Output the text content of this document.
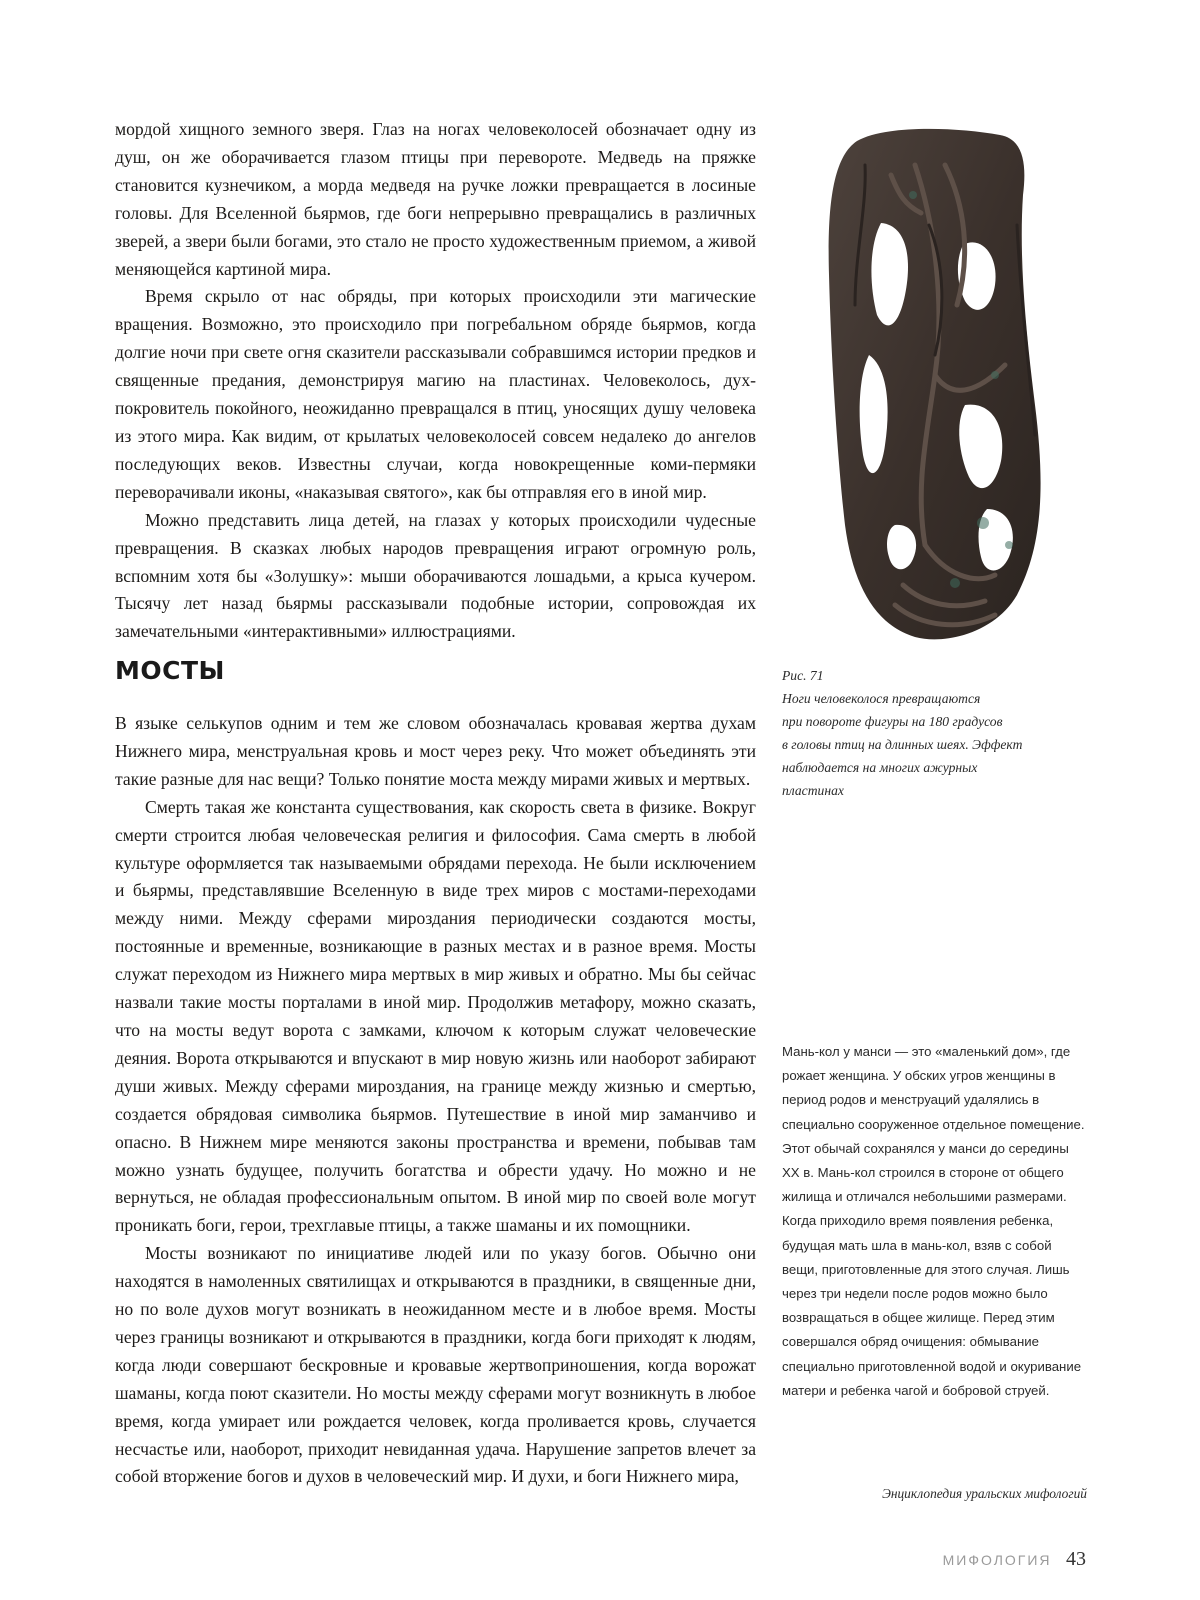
мордой хищного земного зверя. Глаз на ногах человеколосей обозначает одну из душ, он же оборачивается глазом птицы при перевороте. Медведь на пряжке становится кузнечиком, а морда медведя на ручке ложки превращается в лосиные головы. Для Вселенной бьярмов, где боги непрерывно превращались в различных зверей, а звери были богами, это стало не просто художественным приемом, а живой меняющейся картиной мира.

Время скрыло от нас обряды, при которых происходили эти магические вращения. Возможно, это происходило при погребальном обряде бьярмов, когда долгие ночи при свете огня сказители рассказывали собравшимся истории предков и священные предания, демонстрируя магию на пластинах. Человеколось, дух-покровитель покойного, неожиданно превращался в птиц, уносящих душу человека из этого мира. Как видим, от крылатых человеколосей совсем недалеко до ангелов последующих веков. Известны случаи, когда новокрещенные коми-пермяки переворачивали иконы, «наказывая святого», как бы отправляя его в иной мир.

Можно представить лица детей, на глазах у которых происходили чудесные превращения. В сказках любых народов превращения играют огромную роль, вспомним хотя бы «Золушку»: мыши оборачиваются лошадьми, а крыса кучером. Тысячу лет назад бьярмы рассказывали подобные истории, сопровождая их замечательными «интерактивными» иллюстрациями.

Рис. 71
Ноги человеколося превращаются
при повороте фигуры на 180 градусов
в головы птиц на длинных шеях. Эффект
наблюдается на многих ажурных
пластинах
МОСТЫ

В языке селькупов одним и тем же словом обозначалась кровавая жертва духам Нижнего мира, менструальная кровь и мост через реку. Что может объединять эти такие разные для нас вещи? Только понятие моста между мирами живых и мертвых.

Смерть такая же константа существования, как скорость света в физике. Вокруг смерти строится любая человеческая религия и философия. Сама смерть в любой культуре оформляется так называемыми обрядами перехода. Не были исключением и бьярмы, представлявшие Вселенную в виде трех миров с мостами-переходами между ними. Между сферами мироздания периодически создаются мосты, постоянные и временные, возникающие в разных местах и в разное время. Мосты служат переходом из Нижнего мира мертвых в мир живых и обратно. Мы бы сейчас назвали такие мосты порталами в иной мир. Продолжив метафору, можно сказать, что на мосты ведут ворота с замками, ключом к которым служат человеческие деяния. Ворота открываются и впускают в мир новую жизнь или наоборот забирают души живых. Между сферами мироздания, на границе между жизнью и смертью, создается обрядовая символика бьярмов. Путешествие в иной мир заманчиво и опасно. В Нижнем мире меняются законы пространства и времени, побывав там можно узнать будущее, получить богатства и обрести удачу. Но можно и не вернуться, не обладая профессиональным опытом. В иной мир по своей воле могут проникать боги, герои, трехглавые птицы, а также шаманы и их помощники.

Мосты возникают по инициативе людей или по указу богов. Обычно они находятся в намоленных святилищах и открываются в праздники, в священные дни, но по воле духов могут возникать в неожиданном месте и в любое время. Мосты через границы возникают и открываются в праздники, когда боги приходят к людям, когда люди совершают бескровные и кровавые жертвоприношения, когда ворожат шаманы, когда поют сказители. Но мосты между сферами могут возникнуть в любое время, когда умирает или рождается человек, когда проливается кровь, случается несчастье или, наоборот, приходит невиданная удача. Нарушение запретов влечет за собой вторжение богов и духов в человеческий мир. И духи, и боги Нижнего мира,

Мань-кол у манси — это «маленький дом», где рожает женщина. У обских угров женщины в период родов и менструаций удалялись в специально сооруженное отдельное помещение. Этот обычай сохранялся у манси до середины XX в. Мань-кол строился в стороне от общего жилища и отличался небольшими размерами. Когда приходило время появления ребенка, будущая мать шла в мань-кол, взяв с собой вещи, приготовленные для этого случая. Лишь через три недели после родов можно было возвращаться в общее жилище. Перед этим совершался обряд очищения: обмывание специально приготовленной водой и окуривание матери и ребенка чагой и бобровой струей.
Энциклопедия уральских мифологий
МИФОЛОГИЯ 43
